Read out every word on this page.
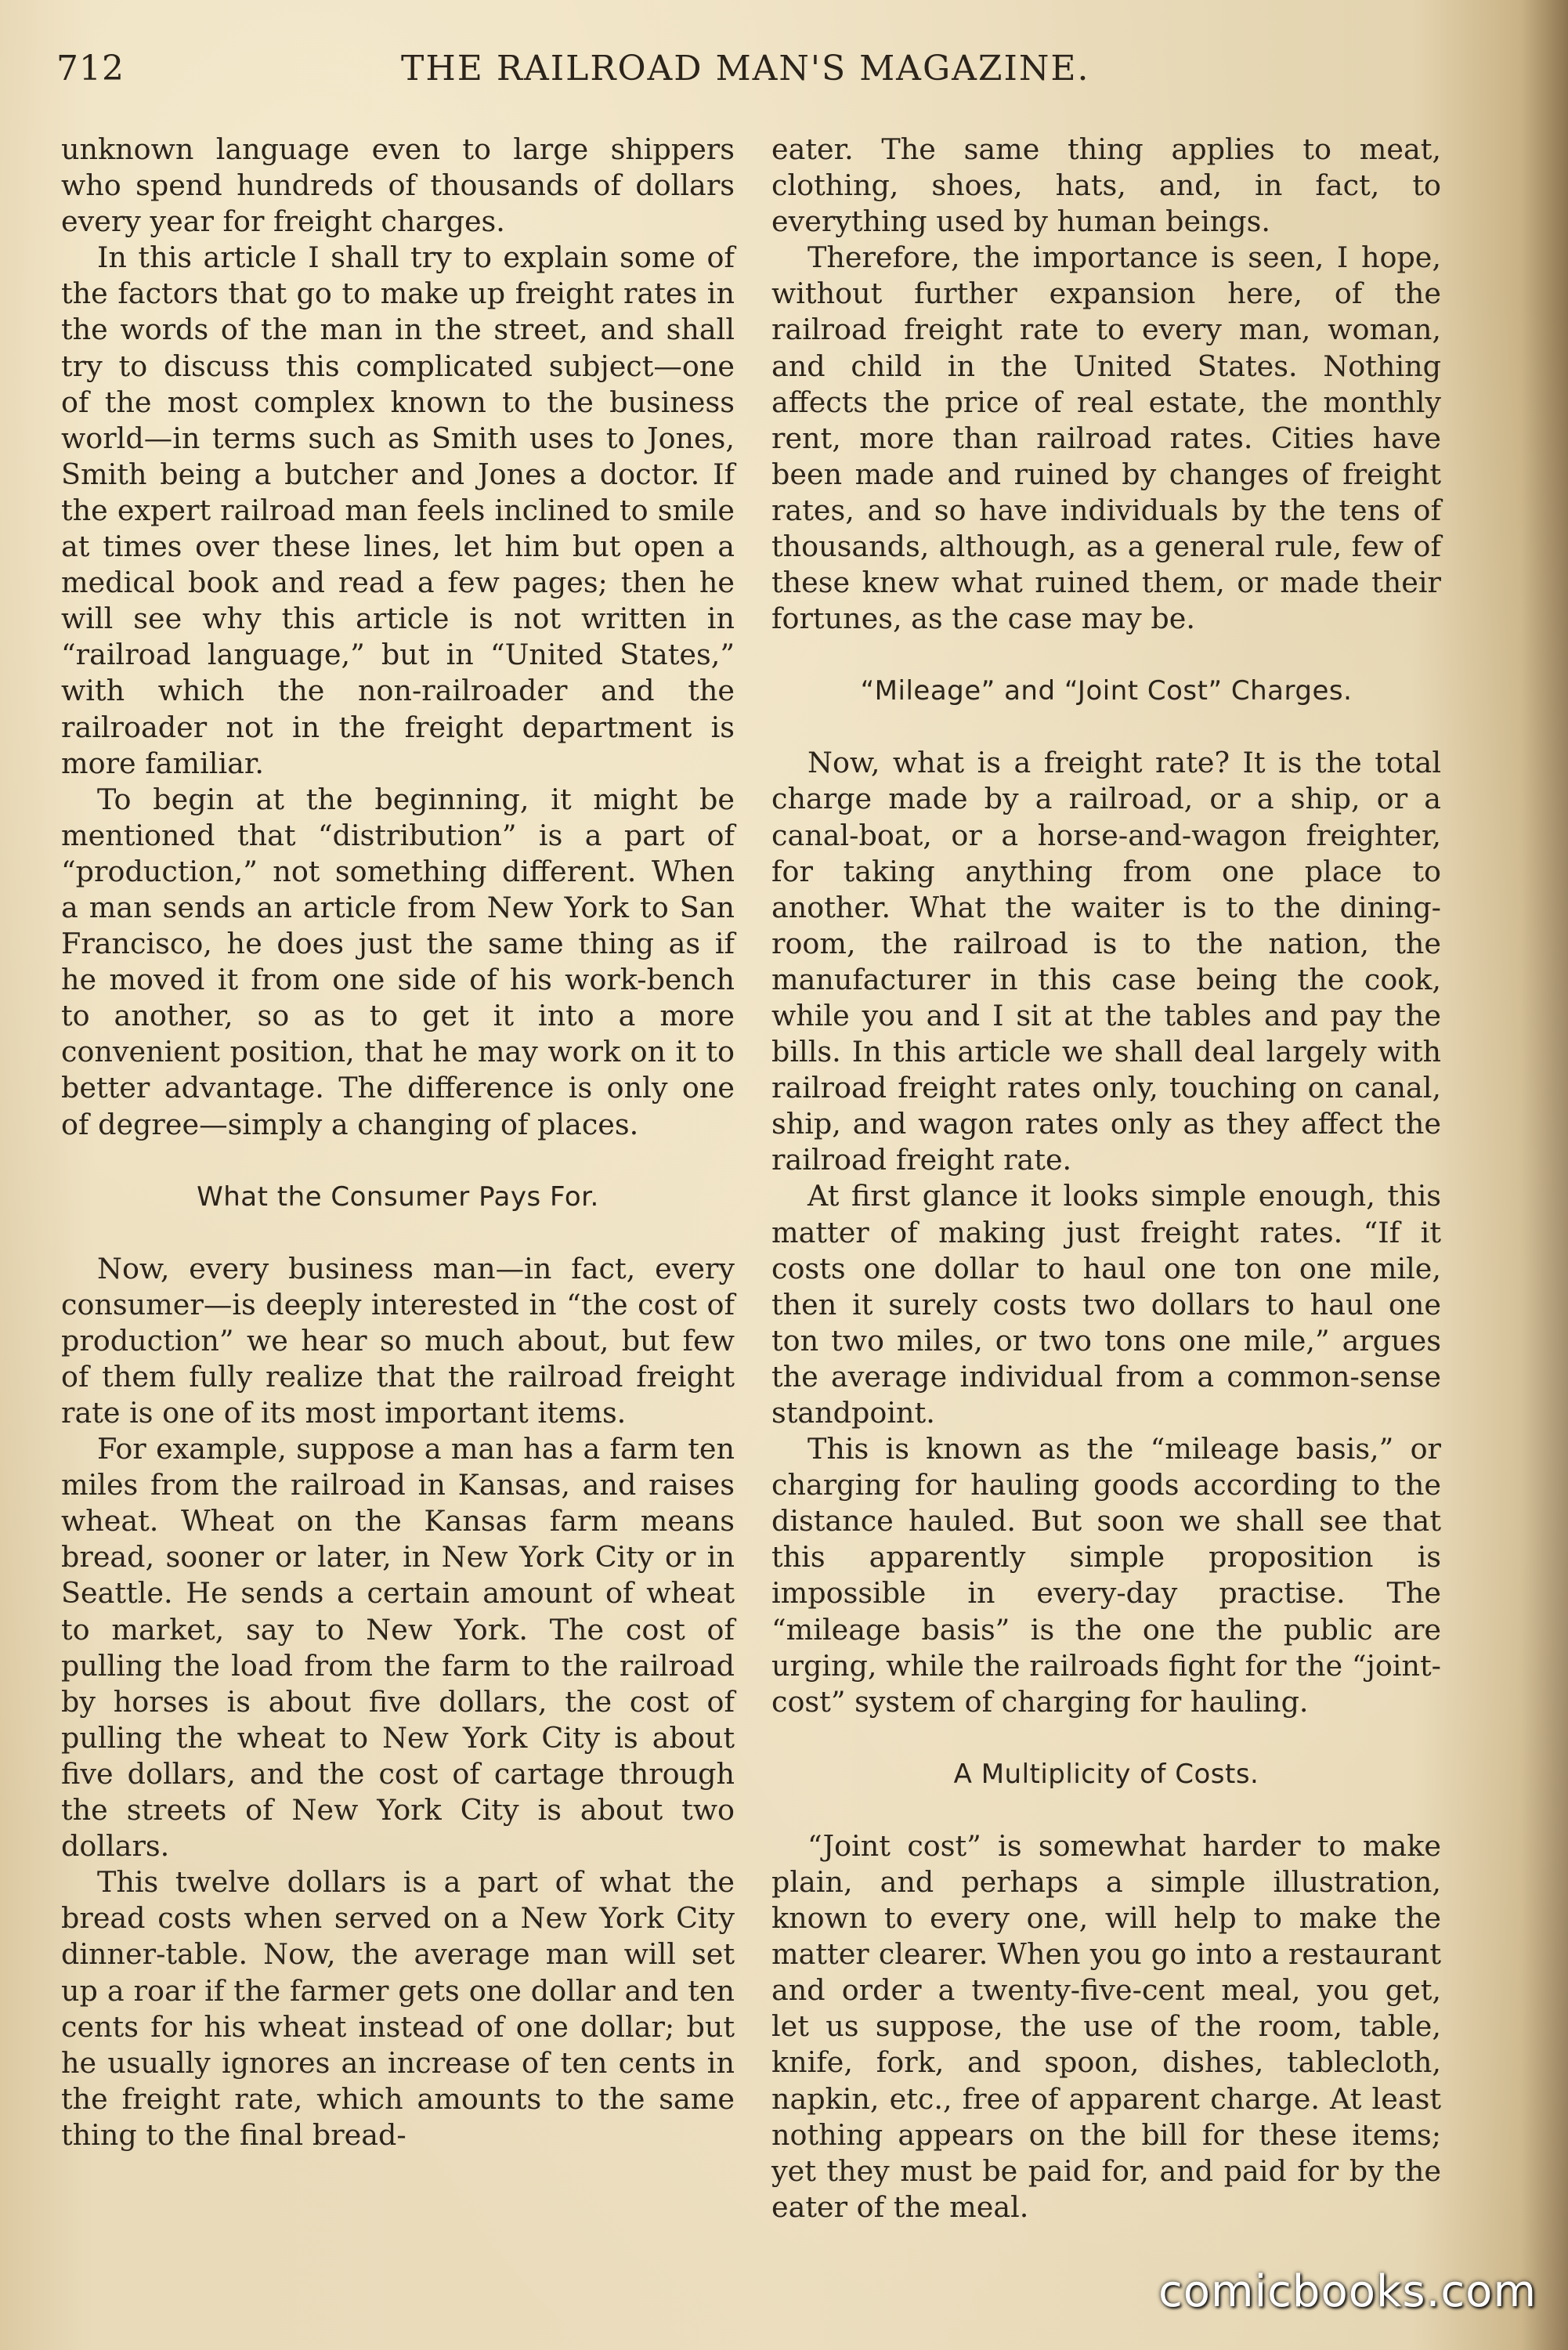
712	THE RAILROAD MAN'S MAGAZINE.

unknown language even to large shippers who spend hundreds of thousands of dollars every year for freight charges.

In this article I shall try to explain some of the factors that go to make up freight rates in the words of the man in the street, and shall try to discuss this complicated subject—one of the most complex known to the business world—in terms such as Smith uses to Jones, Smith being a butcher and Jones a doctor. If the expert railroad man feels inclined to smile at times over these lines, let him but open a medical book and read a few pages; then he will see why this article is not written in “railroad language,” but in “United States,” with which the non-railroader and the railroader not in the freight department is more familiar.

To begin at the beginning, it might be mentioned that “distribution” is a part of “production,” not something different. When a man sends an article from New York to San Francisco, he does just the same thing as if he moved it from one side of his work-bench to another, so as to get it into a more convenient position, that he may work on it to better advantage. The difference is only one of degree—simply a changing of places.

What the Consumer Pays For.

Now, every business man—in fact, every consumer—is deeply interested in “the cost of production” we hear so much about, but few of them fully realize that the railroad freight rate is one of its most important items.

For example, suppose a man has a farm ten miles from the railroad in Kansas, and raises wheat. Wheat on the Kansas farm means bread, sooner or later, in New York City or in Seattle. He sends a certain amount of wheat to market, say to New York. The cost of pulling the load from the farm to the railroad by horses is about five dollars, the cost of pulling the wheat to New York City is about five dollars, and the cost of cartage through the streets of New York City is about two dollars.

This twelve dollars is a part of what the bread costs when served on a New York City dinner-table. Now, the average man will set up a roar if the farmer gets one dollar and ten cents for his wheat instead of one dollar; but he usually ignores an increase of ten cents in the freight rate, which amounts to the same thing to the final bread-

eater. The same thing applies to meat, clothing, shoes, hats, and, in fact, to everything used by human beings.

Therefore, the importance is seen, I hope, without further expansion here, of the railroad freight rate to every man, woman, and child in the United States. Nothing affects the price of real estate, the monthly rent, more than railroad rates. Cities have been made and ruined by changes of freight rates, and so have individuals by the tens of thousands, although, as a general rule, few of these knew what ruined them, or made their fortunes, as the case may be.

“Mileage” and “Joint Cost” Charges.

Now, what is a freight rate? It is the total charge made by a railroad, or a ship, or a canal-boat, or a horse-and-wagon freighter, for taking anything from one place to another. What the waiter is to the dining-room, the railroad is to the nation, the manufacturer in this case being the cook, while you and I sit at the tables and pay the bills. In this article we shall deal largely with railroad freight rates only, touching on canal, ship, and wagon rates only as they affect the railroad freight rate.

At first glance it looks simple enough, this matter of making just freight rates. “If it costs one dollar to haul one ton one mile, then it surely costs two dollars to haul one ton two miles, or two tons one mile,” argues the average individual from a common-sense standpoint.

This is known as the “mileage basis,” or charging for hauling goods according to the distance hauled. But soon we shall see that this apparently simple proposition is impossible in every-day practise. The “mileage basis” is the one the public are urging, while the railroads fight for the “joint-cost” system of charging for hauling.

A Multiplicity of Costs.

“Joint cost” is somewhat harder to make plain, and perhaps a simple illustration, known to every one, will help to make the matter clearer. When you go into a restaurant and order a twenty-five-cent meal, you get, let us suppose, the use of the room, table, knife, fork, and spoon, dishes, tablecloth, napkin, etc., free of apparent charge. At least nothing appears on the bill for these items; yet they must be paid for, and paid for by the eater of the meal.

comicbooks.com
